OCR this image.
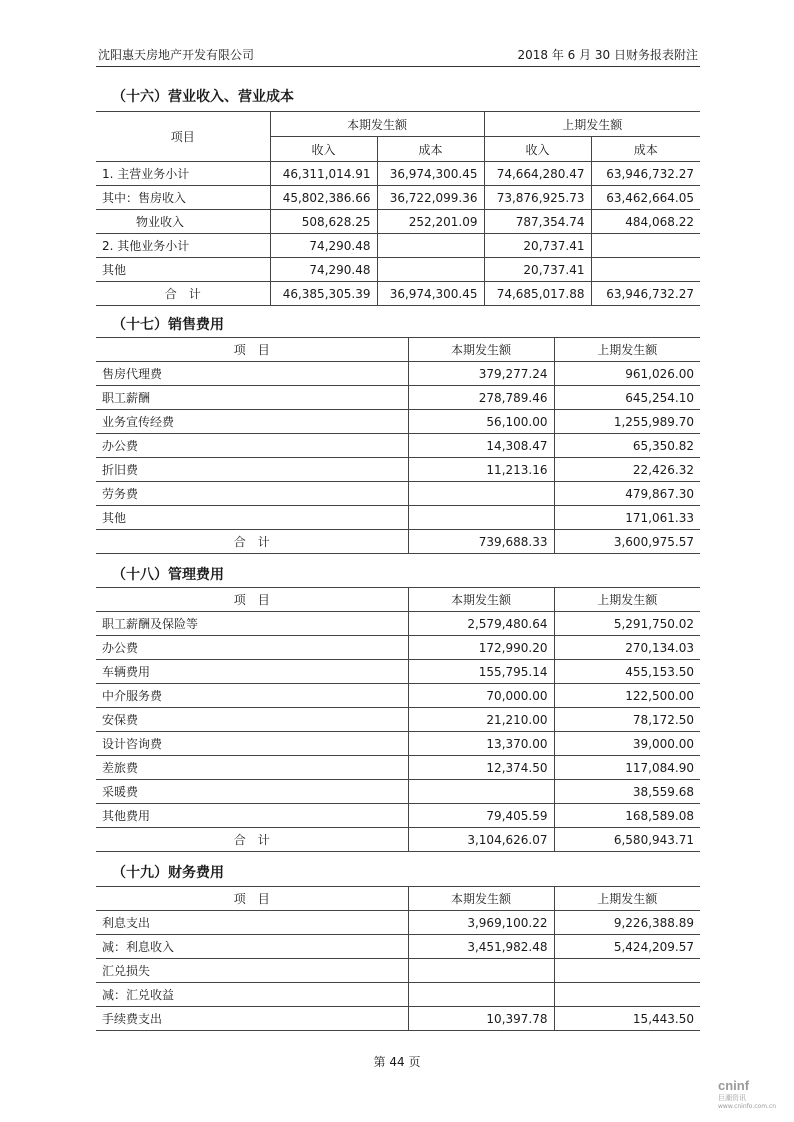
沈阳惠天房地产开发有限公司	2018 年 6 月 30 日财务报表附注
（十六）营业收入、营业成本
项目	本期发生额		上期发生额	
	收入	成本	收入	成本
1. 主营业务小计	46,311,014.91	36,974,300.45	74,664,280.47	63,946,732.27
其中：售房收入	45,802,386.66	36,722,099.36	73,876,925.73	63,462,664.05
物业收入	508,628.25	252,201.09	787,354.74	484,068.22
2. 其他业务小计	74,290.48		20,737.41	
其他	74,290.48		20,737.41	
合　计	46,385,305.39	36,974,300.45	74,685,017.88	63,946,732.27
（十七）销售费用
项　目	本期发生额	上期发生额
售房代理费	379,277.24	961,026.00
职工薪酬	278,789.46	645,254.10
业务宣传经费	56,100.00	1,255,989.70
办公费	14,308.47	65,350.82
折旧费	11,213.16	22,426.32
劳务费		479,867.30
其他		171,061.33
合　计	739,688.33	3,600,975.57
（十八）管理费用
项　目	本期发生额	上期发生额
职工薪酬及保险等	2,579,480.64	5,291,750.02
办公费	172,990.20	270,134.03
车辆费用	155,795.14	455,153.50
中介服务费	70,000.00	122,500.00
安保费	21,210.00	78,172.50
设计咨询费	13,370.00	39,000.00
差旅费	12,374.50	117,084.90
采暖费		38,559.68
其他费用	79,405.59	168,589.08
合　计	3,104,626.07	6,580,943.71
（十九）财务费用
项　目	本期发生额	上期发生额
利息支出	3,969,100.22	9,226,388.89
减：利息收入	3,451,982.48	5,424,209.57
汇兑损失		
减：汇兑收益		
手续费支出	10,397.78	15,443.50
第 44 页
cninf
巨潮资讯
www.cninfo.com.cn
